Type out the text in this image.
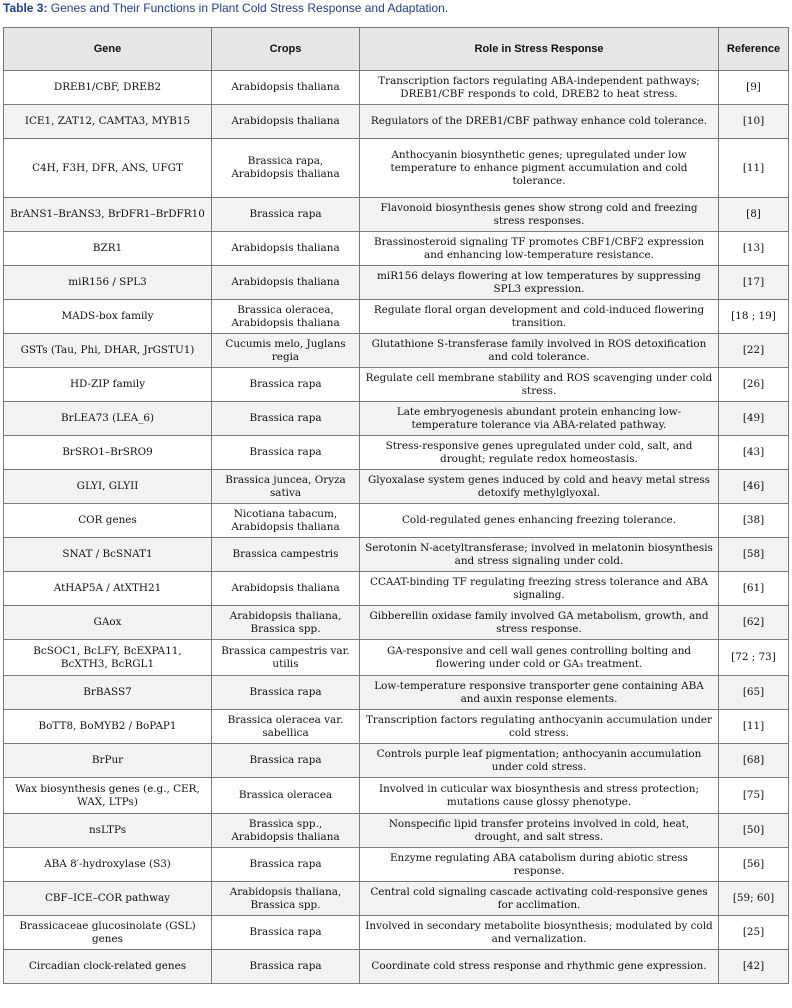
Table 3: Genes and Their Functions in Plant Cold Stress Response and Adaptation.
Gene	Crops	Role in Stress Response	Reference
DREB1/CBF, DREB2	Arabidopsis thaliana	Transcription factors regulating ABA-independent pathways; DREB1/CBF responds to cold, DREB2 to heat stress.	[9]
ICE1, ZAT12, CAMTA3, MYB15	Arabidopsis thaliana	Regulators of the DREB1/CBF pathway enhance cold tolerance.	[10]
C4H, F3H, DFR, ANS, UFGT	Brassica rapa, Arabidopsis thaliana	Anthocyanin biosynthetic genes; upregulated under low temperature to enhance pigment accumulation and cold tolerance.	[11]
BrANS1–BrANS3, BrDFR1–BrDFR10	Brassica rapa	Flavonoid biosynthesis genes show strong cold and freezing stress responses.	[8]
BZR1	Arabidopsis thaliana	Brassinosteroid signaling TF promotes CBF1/CBF2 expression and enhancing low-temperature resistance.	[13]
miR156 / SPL3	Arabidopsis thaliana	miR156 delays flowering at low temperatures by suppressing SPL3 expression.	[17]
MADS-box family	Brassica oleracea, Arabidopsis thaliana	Regulate floral organ development and cold-induced flowering transition.	[18 ; 19]
GSTs (Tau, Phi, DHAR, JrGSTU1)	Cucumis melo, Juglans regia	Glutathione S-transferase family involved in ROS detoxification and cold tolerance.	[22]
HD-ZIP family	Brassica rapa	Regulate cell membrane stability and ROS scavenging under cold stress.	[26]
BrLEA73 (LEA_6)	Brassica rapa	Late embryogenesis abundant protein enhancing low-temperature tolerance via ABA-related pathway.	[49]
BrSRO1–BrSRO9	Brassica rapa	Stress-responsive genes upregulated under cold, salt, and drought; regulate redox homeostasis.	[43]
GLYI, GLYII	Brassica juncea, Oryza sativa	Glyoxalase system genes induced by cold and heavy metal stress detoxify methylglyoxal.	[46]
COR genes	Nicotiana tabacum, Arabidopsis thaliana	Cold-regulated genes enhancing freezing tolerance.	[38]
SNAT / BcSNAT1	Brassica campestris	Serotonin N-acetyltransferase; involved in melatonin biosynthesis and stress signaling under cold.	[58]
AtHAP5A / AtXTH21	Arabidopsis thaliana	CCAAT-binding TF regulating freezing stress tolerance and ABA signaling.	[61]
GAox	Arabidopsis thaliana, Brassica spp.	Gibberellin oxidase family involved GA metabolism, growth, and stress response.	[62]
BcSOC1, BcLFY, BcEXPA11, BcXTH3, BcRGL1	Brassica campestris var. utilis	GA-responsive and cell wall genes controlling bolting and flowering under cold or GA₃ treatment.	[72 ; 73]
BrBASS7	Brassica rapa	Low-temperature responsive transporter gene containing ABA and auxin response elements.	[65]
BoTT8, BoMYB2 / BoPAP1	Brassica oleracea var. sabellica	Transcription factors regulating anthocyanin accumulation under cold stress.	[11]
BrPur	Brassica rapa	Controls purple leaf pigmentation; anthocyanin accumulation under cold stress.	[68]
Wax biosynthesis genes (e.g., CER, WAX, LTPs)	Brassica oleracea	Involved in cuticular wax biosynthesis and stress protection; mutations cause glossy phenotype.	[75]
nsLTPs	Brassica spp., Arabidopsis thaliana	Nonspecific lipid transfer proteins involved in cold, heat, drought, and salt stress.	[50]
ABA 8′-hydroxylase (S3)	Brassica rapa	Enzyme regulating ABA catabolism during abiotic stress response.	[56]
CBF–ICE–COR pathway	Arabidopsis thaliana, Brassica spp.	Central cold signaling cascade activating cold-responsive genes for acclimation.	[59; 60]
Brassicaceae glucosinolate (GSL) genes	Brassica rapa	Involved in secondary metabolite biosynthesis; modulated by cold and vernalization.	[25]
Circadian clock-related genes	Brassica rapa	Coordinate cold stress response and rhythmic gene expression.	[42]
